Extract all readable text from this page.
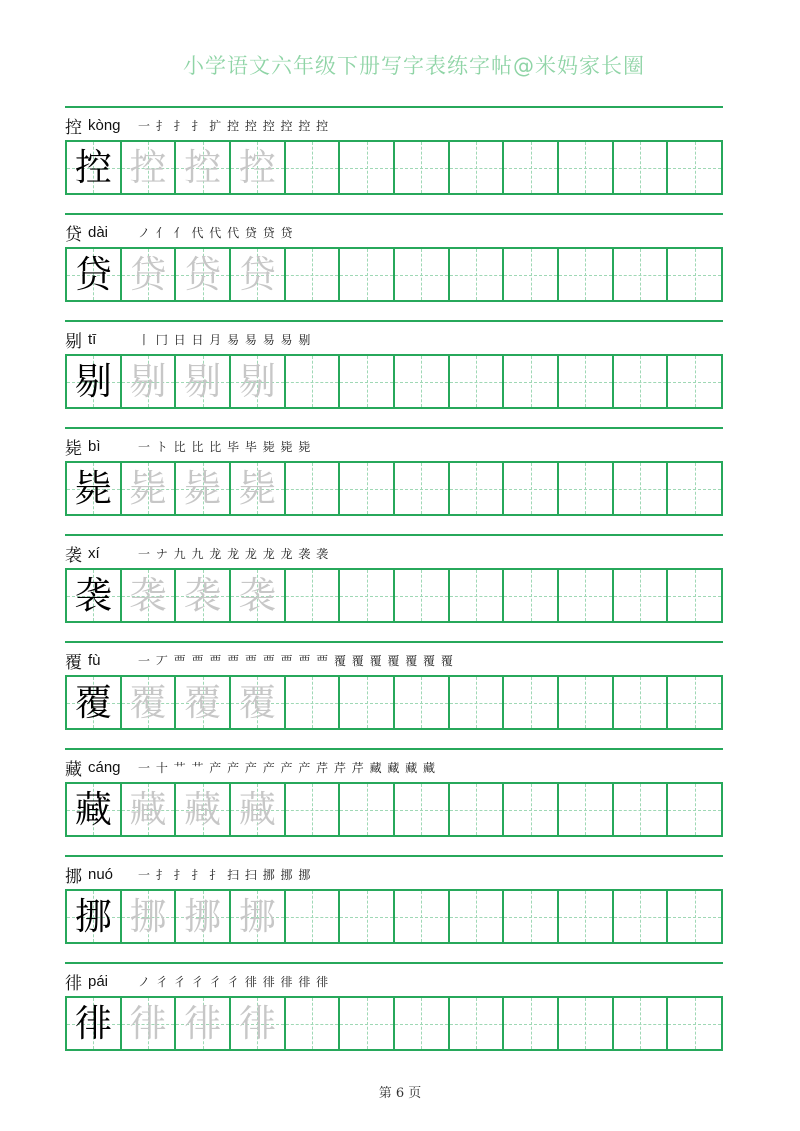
小学语文六年级下册写字表练字帖@米妈家长圈
控 kòng	一 扌 扌 扌 扩 控 控 控 控 控 控
控 控 控 控
贷 dài	ノ 亻 亻 代 代 代 贷 贷 贷
贷 贷 贷 贷
剔 tī	丨 冂 日 日 月 易 易 易 易 剔
剔 剔 剔 剔
毙 bì	一 ト 比 比 比 毕 毕 毙 毙 毙
毙 毙 毙 毙
袭 xí	一 ナ 九 九 龙 龙 龙 龙 龙 袭 袭
袭 袭 袭 袭
覆 fù	一 丆 覀 覀 覀 覀 覀 覀 覀 覀 覀 覆 覆 覆 覆 覆 覆 覆
覆 覆 覆 覆
藏 cáng	一 十 艹 艹 产 产 产 产 产 产 芹 芹 芹 藏 藏 藏 藏
藏 藏 藏 藏
挪 nuó	一 扌 扌 扌 扌 扫 扫 挪 挪 挪
挪 挪 挪 挪
徘 pái	ノ 彳 彳 彳 彳 彳 徘 徘 徘 徘 徘
徘 徘 徘 徘
第 6 页
